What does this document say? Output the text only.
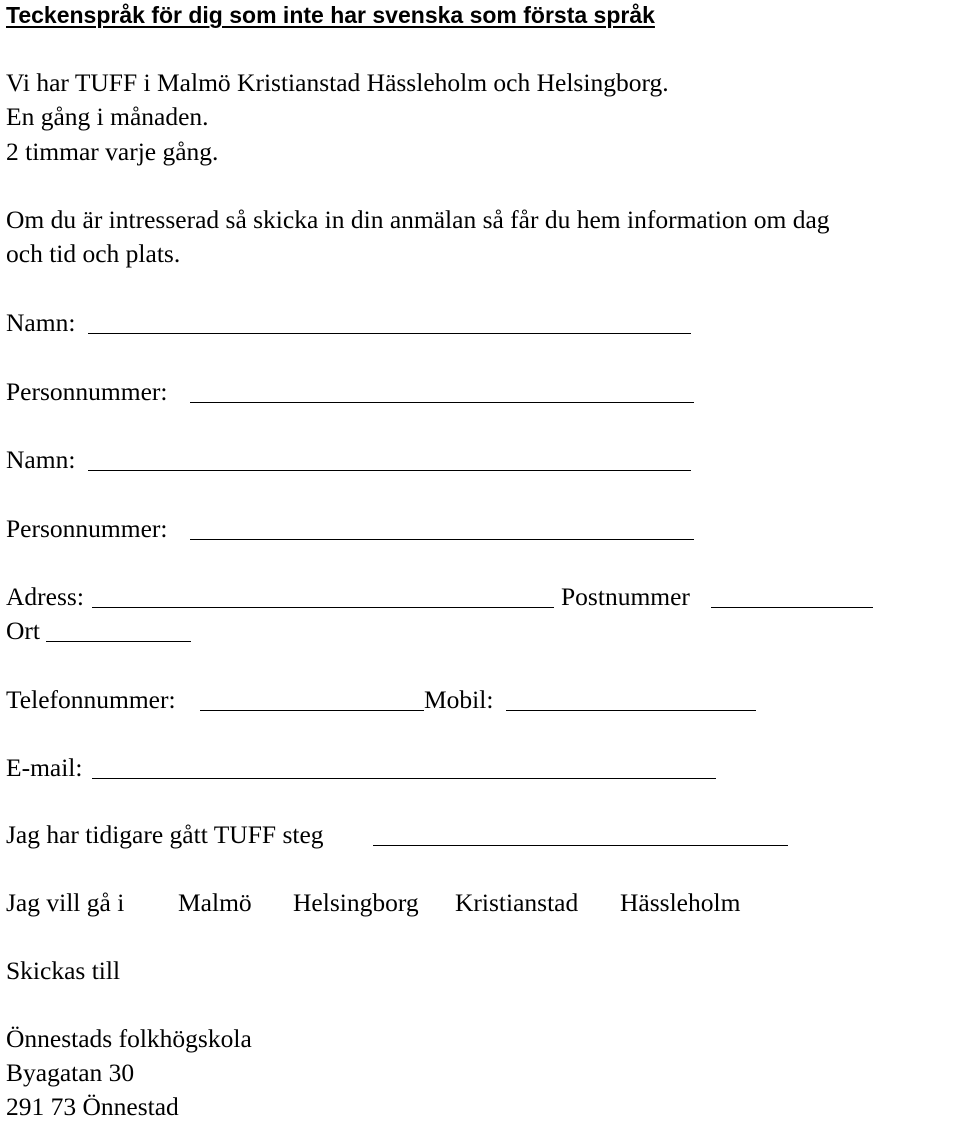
Teckenspråk för dig som inte har svenska som första språk
Vi har TUFF i Malmö Kristianstad Hässleholm och Helsingborg.
En gång i månaden.
2 timmar varje gång.
Om du är intresserad så skicka in din anmälan så får du hem information om dag
och tid och plats.
Namn:
Personnummer:
Namn:
Personnummer:
Adress:	Postnummer
Ort
Telefonnummer:	Mobil:
E-mail:
Jag har tidigare gått TUFF steg
Jag vill gå i Malmö Helsingborg Kristianstad Hässleholm
Skickas till
Önnestads folkhögskola
Byagatan 30
291 73 Önnestad
